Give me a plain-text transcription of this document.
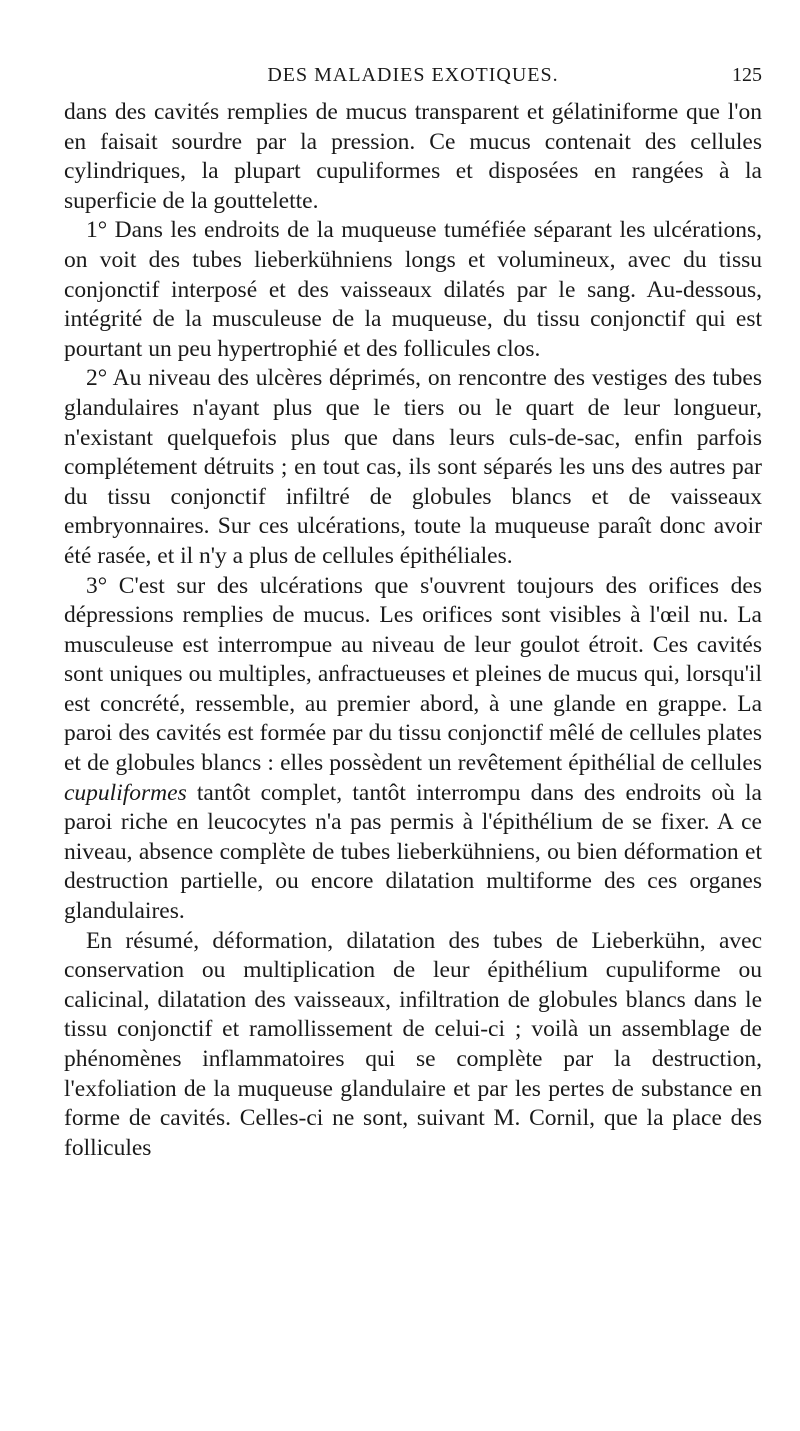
DES MALADIES EXOTIQUES.	125

dans des cavités remplies de mucus transparent et gélatiniforme que l'on en faisait sourdre par la pression. Ce mucus contenait des cellules cylindriques, la plupart cupuliformes et disposées en rangées à la superficie de la gouttelette.

1° Dans les endroits de la muqueuse tuméfiée séparant les ulcérations, on voit des tubes lieberkühniens longs et volumineux, avec du tissu conjonctif interposé et des vaisseaux dilatés par le sang. Au-dessous, intégrité de la musculeuse de la muqueuse, du tissu conjonctif qui est pourtant un peu hypertrophié et des follicules clos.

2° Au niveau des ulcères déprimés, on rencontre des vestiges des tubes glandulaires n'ayant plus que le tiers ou le quart de leur longueur, n'existant quelquefois plus que dans leurs culs-de-sac, enfin parfois complétement détruits ; en tout cas, ils sont séparés les uns des autres par du tissu conjonctif infiltré de globules blancs et de vaisseaux embryonnaires. Sur ces ulcérations, toute la muqueuse paraît donc avoir été rasée, et il n'y a plus de cellules épithéliales.

3° C'est sur des ulcérations que s'ouvrent toujours des orifices des dépressions remplies de mucus. Les orifices sont visibles à l'œil nu. La musculeuse est interrompue au niveau de leur goulot étroit. Ces cavités sont uniques ou multiples, anfractueuses et pleines de mucus qui, lorsqu'il est concrété, ressemble, au premier abord, à une glande en grappe. La paroi des cavités est formée par du tissu conjonctif mêlé de cellules plates et de globules blancs : elles possèdent un revêtement épithélial de cellules cupuliformes tantôt complet, tantôt interrompu dans des endroits où la paroi riche en leucocytes n'a pas permis à l'épithélium de se fixer. A ce niveau, absence complète de tubes lieberkühniens, ou bien déformation et destruction partielle, ou encore dilatation multiforme des ces organes glandulaires.

En résumé, déformation, dilatation des tubes de Lieberkühn, avec conservation ou multiplication de leur épithélium cupuliforme ou calicinal, dilatation des vaisseaux, infiltration de globules blancs dans le tissu conjonctif et ramollissement de celui-ci ; voilà un assemblage de phénomènes inflammatoires qui se complète par la destruction, l'exfoliation de la muqueuse glandulaire et par les pertes de substance en forme de cavités. Celles-ci ne sont, suivant M. Cornil, que la place des follicules
